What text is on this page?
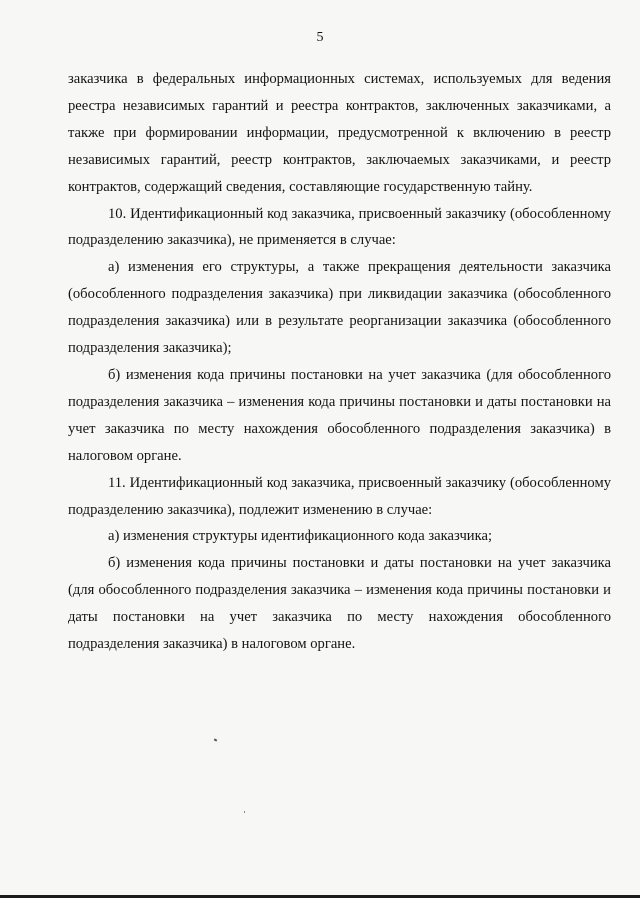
5

заказчика в федеральных информационных системах, используемых для ведения реестра независимых гарантий и реестра контрактов, заключенных заказчиками, а также при формировании информации, предусмотренной к включению в реестр независимых гарантий, реестр контрактов, заключаемых заказчиками, и реестр контрактов, содержащий сведения, составляющие государственную тайну.

10. Идентификационный код заказчика, присвоенный заказчику (обособленному подразделению заказчика), не применяется в случае:

а) изменения его структуры, а также прекращения деятельности заказчика (обособленного подразделения заказчика) при ликвидации заказчика (обособленного подразделения заказчика) или в результате реорганизации заказчика (обособленного подразделения заказчика);

б) изменения кода причины постановки на учет заказчика (для обособленного подразделения заказчика – изменения кода причины постановки и даты постановки на учет заказчика по месту нахождения обособленного подразделения заказчика) в налоговом органе.

11. Идентификационный код заказчика, присвоенный заказчику (обособленному подразделению заказчика), подлежит изменению в случае:

а) изменения структуры идентификационного кода заказчика;

б) изменения кода причины постановки и даты постановки на учет заказчика (для обособленного подразделения заказчика – изменения кода причины постановки и даты постановки на учет заказчика по месту нахождения обособленного подразделения заказчика) в налоговом органе.
